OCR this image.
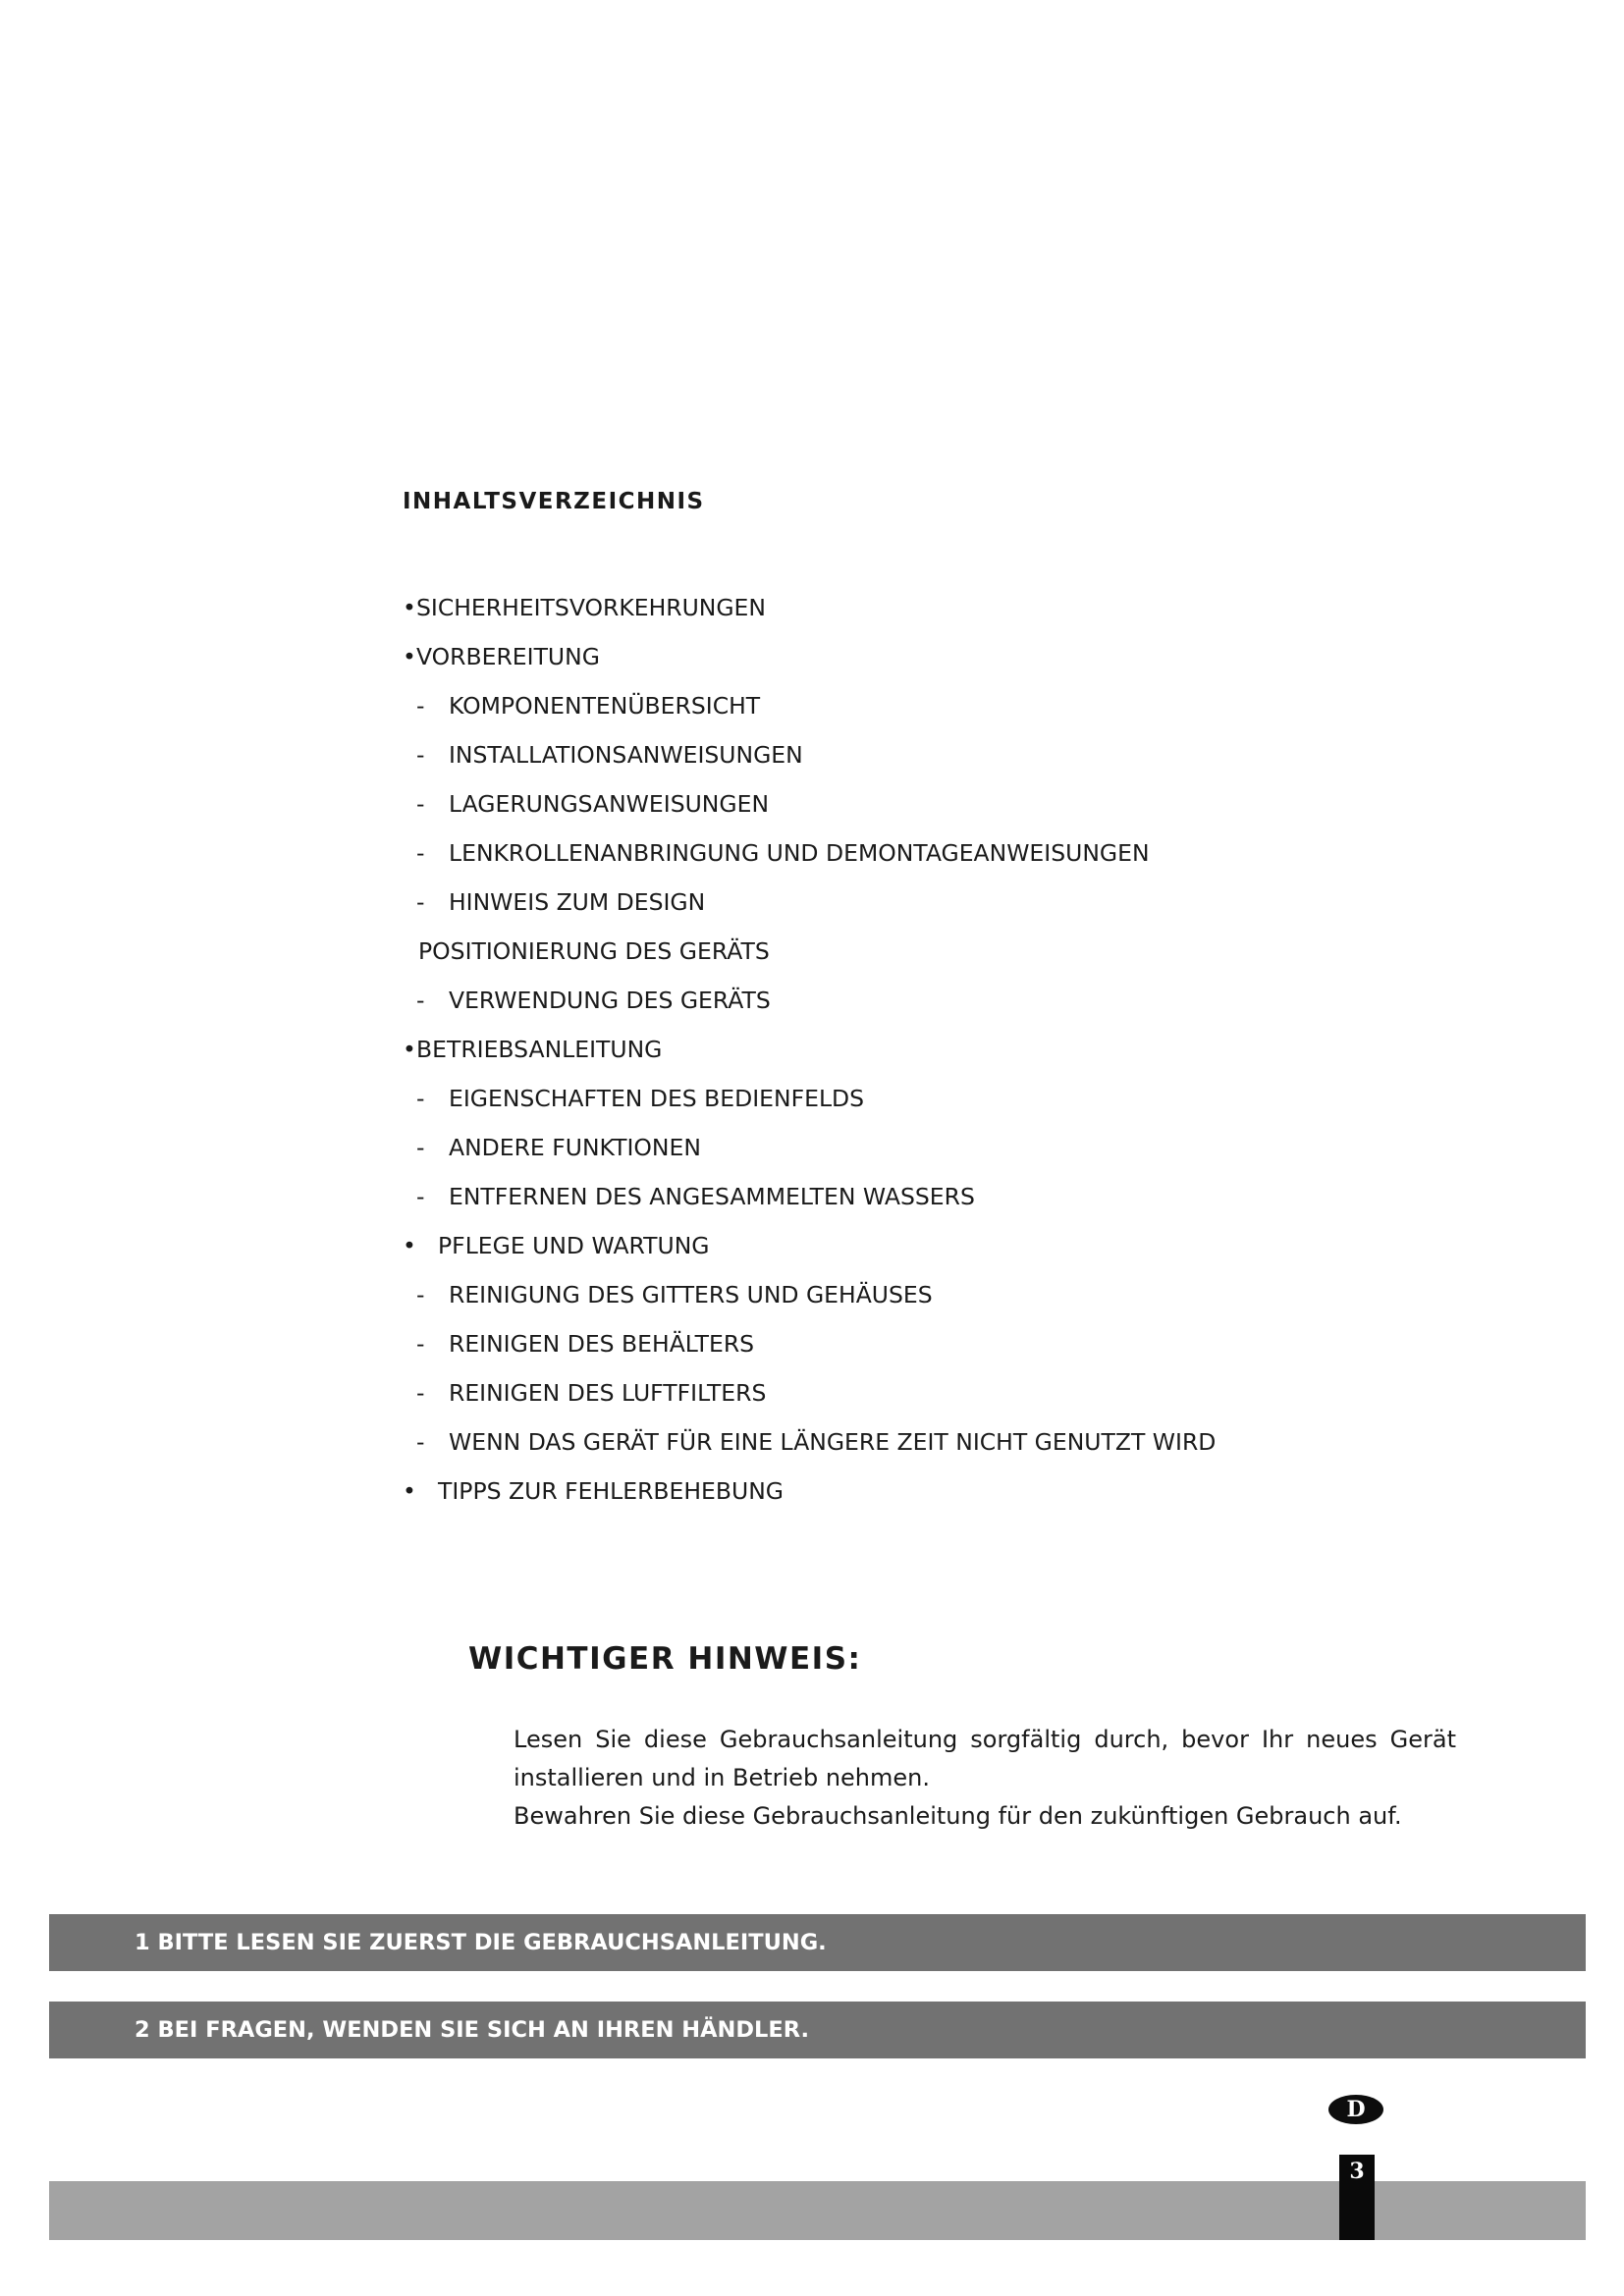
INHALTSVERZEICHNIS
• SICHERHEITSVORKEHRUNGEN
• VORBEREITUNG
- KOMPONENTENÜBERSICHT
- INSTALLATIONSANWEISUNGEN
- LAGERUNGSANWEISUNGEN
- LENKROLLENANBRINGUNG UND DEMONTAGEANWEISUNGEN
- HINWEIS ZUM DESIGN
POSITIONIERUNG DES GERÄTS
- VERWENDUNG DES GERÄTS
• BETRIEBSANLEITUNG
- EIGENSCHAFTEN DES BEDIENFELDS
- ANDERE FUNKTIONEN
- ENTFERNEN DES ANGESAMMELTEN WASSERS
• PFLEGE UND WARTUNG
- REINIGUNG DES GITTERS UND GEHÄUSES
- REINIGEN DES BEHÄLTERS
- REINIGEN DES LUFTFILTERS
- WENN DAS GERÄT FÜR EINE LÄNGERE ZEIT NICHT GENUTZT WIRD
• TIPPS ZUR FEHLERBEHEBUNG
WICHTIGER HINWEIS:

Lesen Sie diese Gebrauchsanleitung sorgfältig durch, bevor Ihr neues Gerät installieren und in Betrieb nehmen.

Bewahren Sie diese Gebrauchsanleitung für den zukünftigen Gebrauch auf.

1 BITTE LESEN SIE ZUERST DIE GEBRAUCHSANLEITUNG.
2 BEI FRAGEN, WENDEN SIE SICH AN IHREN HÄNDLER.
D
3
